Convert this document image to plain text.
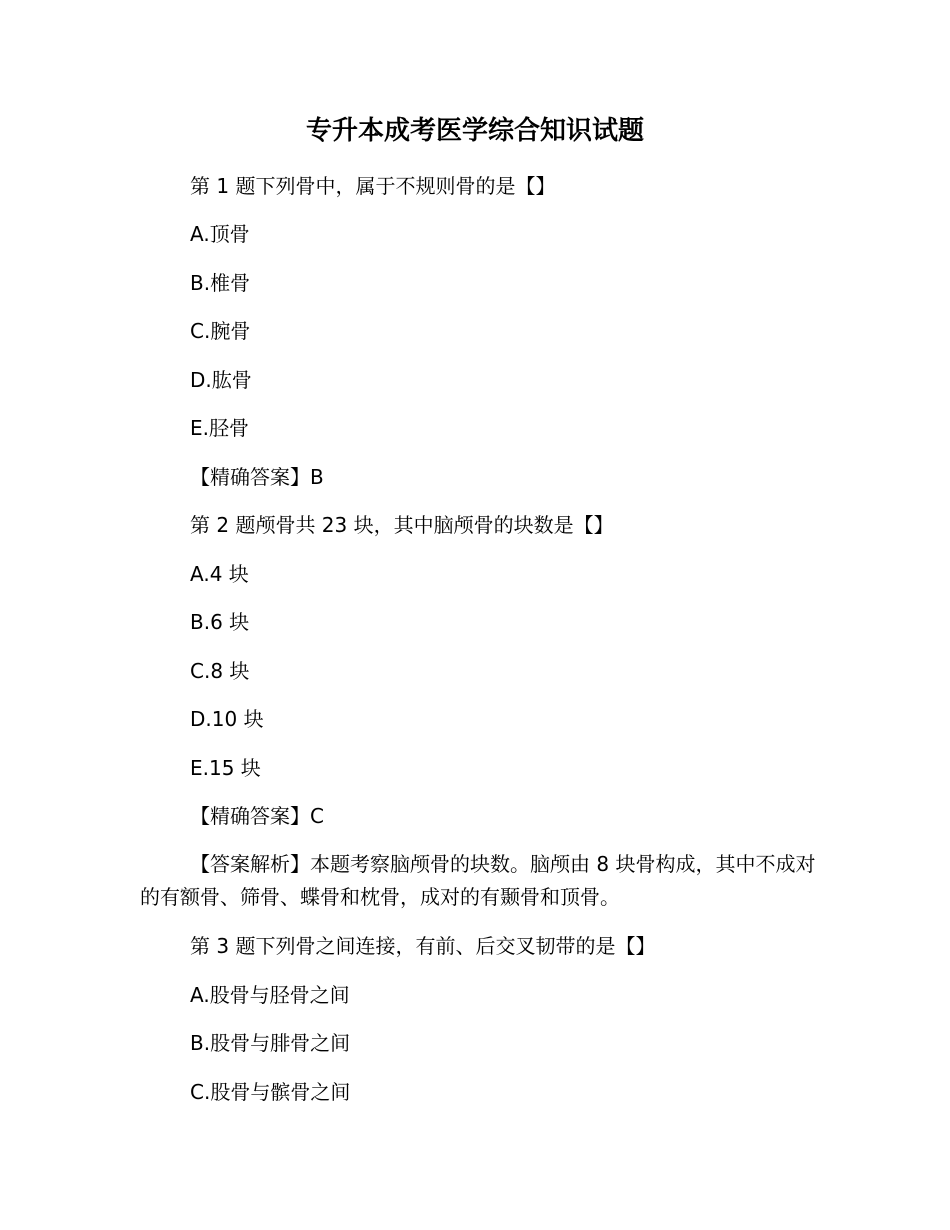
专升本成考医学综合知识试题

第 1 题下列骨中，属于不规则骨的是【】

A.顶骨

B.椎骨

C.腕骨

D.肱骨

E.胫骨

【精确答案】B

第 2 题颅骨共 23 块，其中脑颅骨的块数是【】

A.4 块

B.6 块

C.8 块

D.10 块

E.15 块

【精确答案】C

【答案解析】本题考察脑颅骨的块数。脑颅由 8 块骨构成，其中不成对的有额骨、筛骨、蝶骨和枕骨，成对的有颞骨和顶骨。

第 3 题下列骨之间连接，有前、后交叉韧带的是【】

A.股骨与胫骨之间

B.股骨与腓骨之间

C.股骨与髌骨之间
